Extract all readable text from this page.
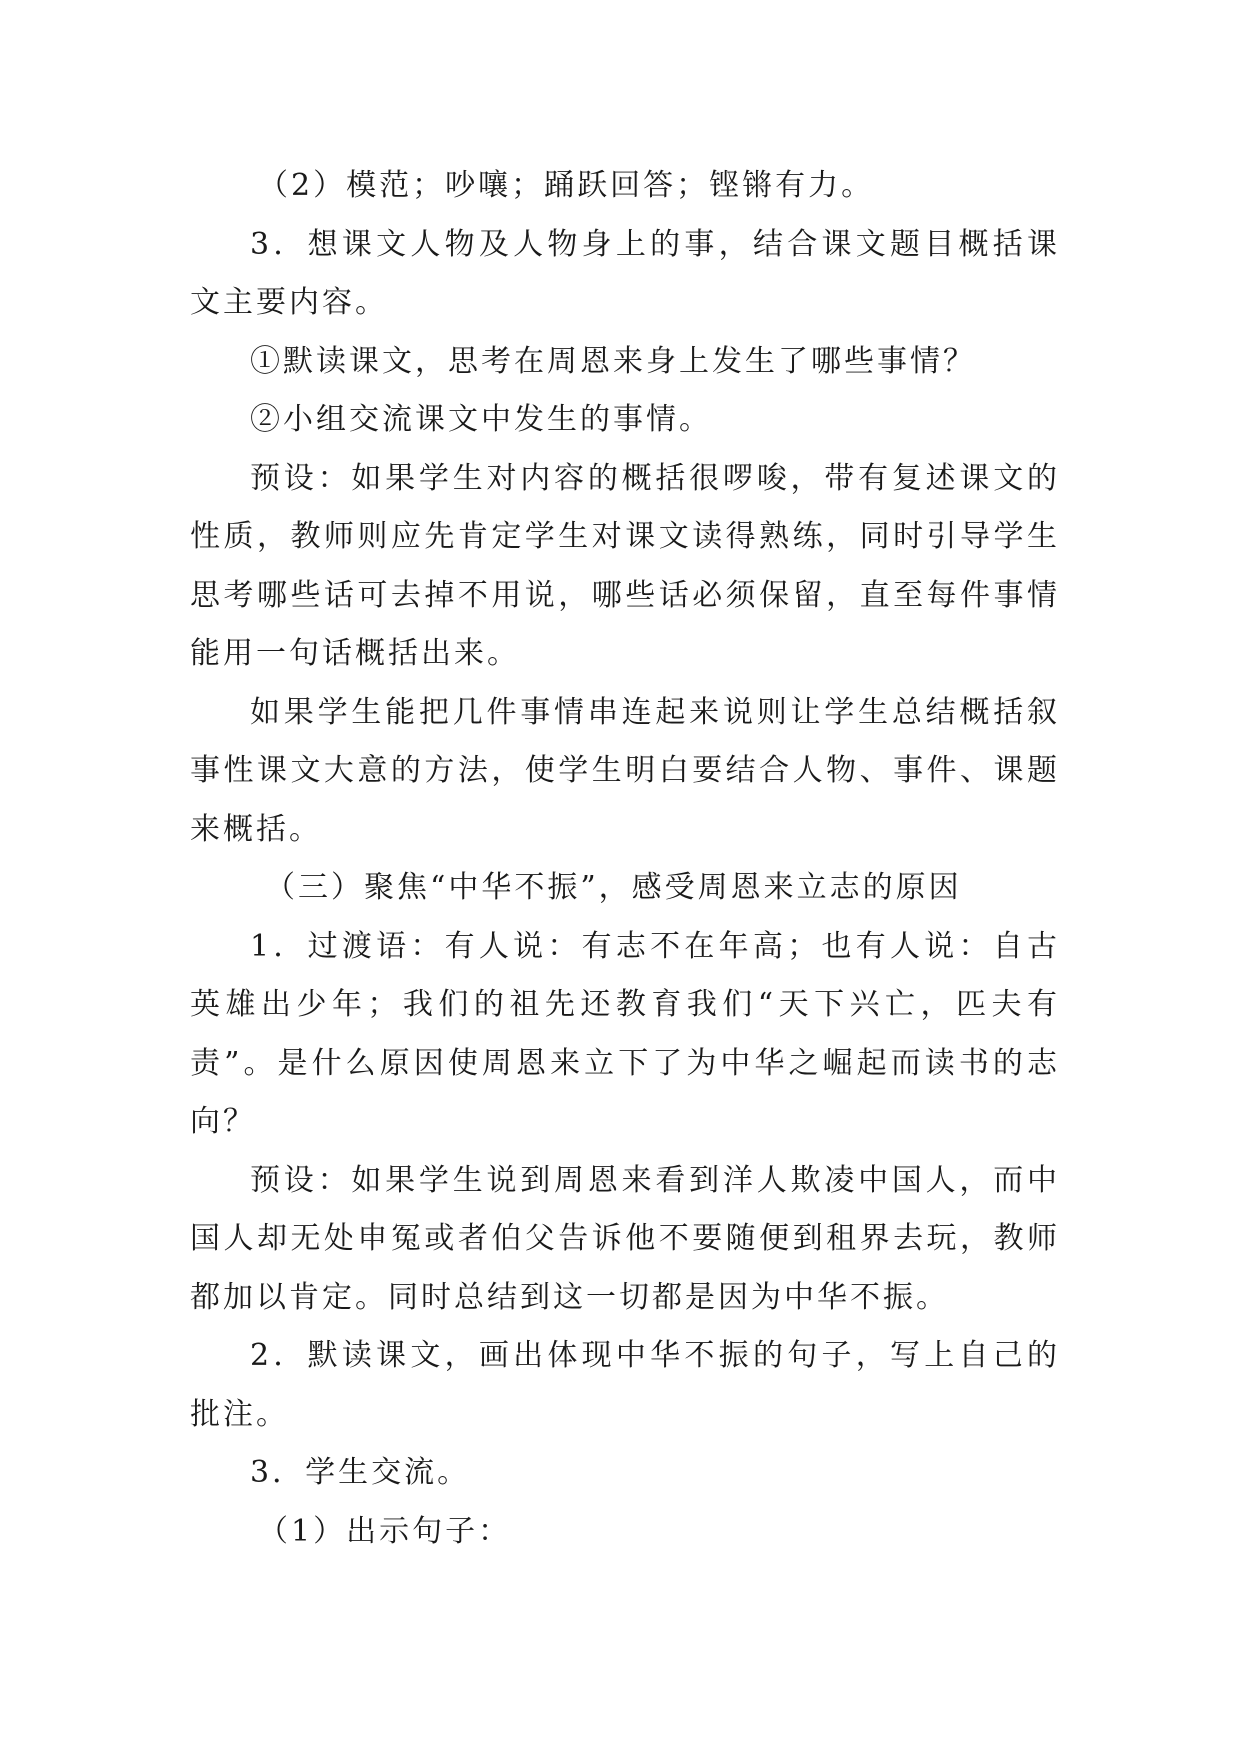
（2）模范；吵嚷；踊跃回答；铿锵有力。

3．想课文人物及人物身上的事，结合课文题目概括课文主要内容。

①默读课文，思考在周恩来身上发生了哪些事情？

②小组交流课文中发生的事情。

预设：如果学生对内容的概括很啰唆，带有复述课文的性质，教师则应先肯定学生对课文读得熟练，同时引导学生思考哪些话可去掉不用说，哪些话必须保留，直至每件事情能用一句话概括出来。

如果学生能把几件事情串连起来说则让学生总结概括叙事性课文大意的方法，使学生明白要结合人物、事件、课题来概括。

（三）聚焦“中华不振”，感受周恩来立志的原因

1．过渡语：有人说：有志不在年高；也有人说：自古英雄出少年；我们的祖先还教育我们“天下兴亡，匹夫有责”。是什么原因使周恩来立下了为中华之崛起而读书的志向？

预设：如果学生说到周恩来看到洋人欺凌中国人，而中国人却无处申冤或者伯父告诉他不要随便到租界去玩，教师都加以肯定。同时总结到这一切都是因为中华不振。

2．默读课文，画出体现中华不振的句子，写上自己的批注。

3．学生交流。

（1）出示句子：
